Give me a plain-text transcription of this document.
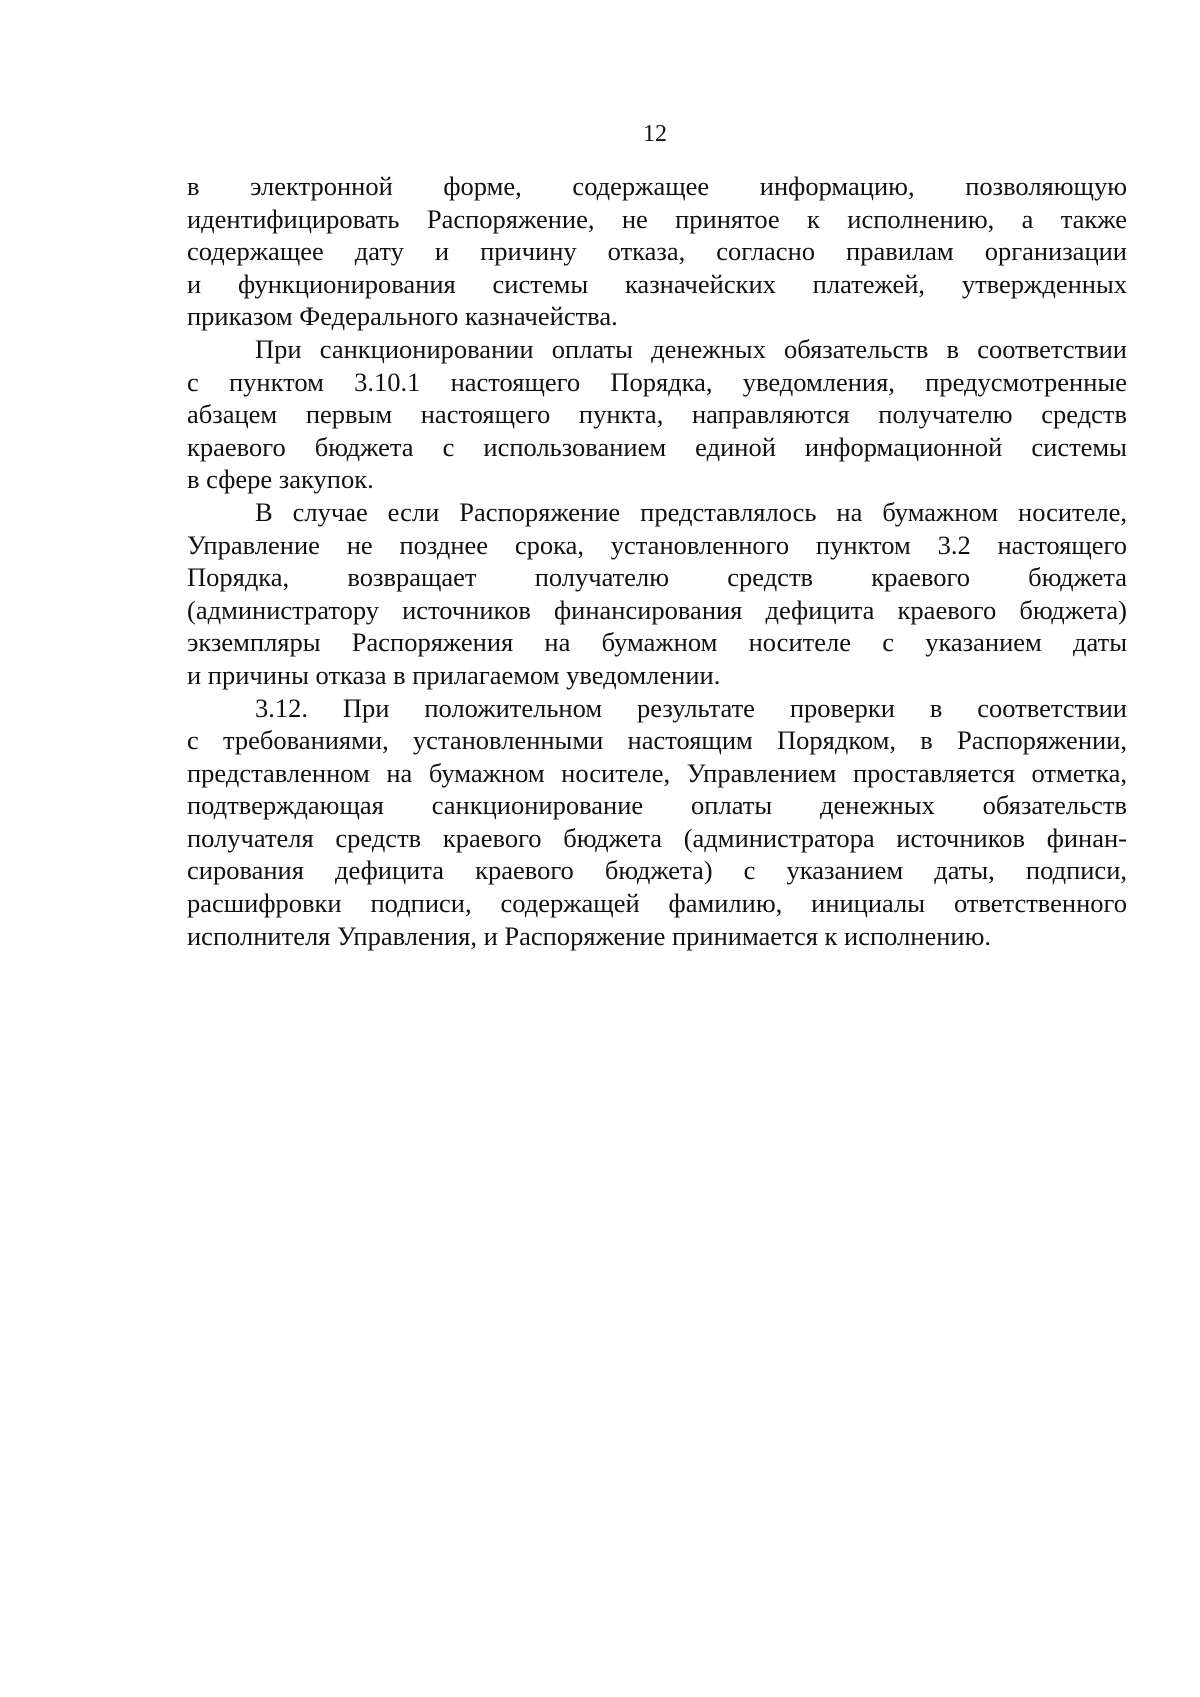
12
в электронной форме, содержащее информацию, позволяющую
идентифицировать Распоряжение, не принятое к исполнению, а также
содержащее дату и причину отказа, согласно правилам организации
и функционирования системы казначейских платежей, утвержденных
приказом Федерального казначейства.
При санкционировании оплаты денежных обязательств в соответствии
с пунктом 3.10.1 настоящего Порядка, уведомления, предусмотренные
абзацем первым настоящего пункта, направляются получателю средств
краевого бюджета с использованием единой информационной системы
в сфере закупок.
В случае если Распоряжение представлялось на бумажном носителе,
Управление не позднее срока, установленного пунктом 3.2 настоящего
Порядка, возвращает получателю средств краевого бюджета
(администратору источников финансирования дефицита краевого бюджета)
экземпляры Распоряжения на бумажном носителе с указанием даты
и причины отказа в прилагаемом уведомлении.
3.12. При положительном результате проверки в соответствии
с требованиями, установленными настоящим Порядком, в Распоряжении,
представленном на бумажном носителе, Управлением проставляется отметка,
подтверждающая санкционирование оплаты денежных обязательств
получателя средств краевого бюджета (администратора источников финан-
сирования дефицита краевого бюджета) с указанием даты, подписи,
расшифровки подписи, содержащей фамилию, инициалы ответственного
исполнителя Управления, и Распоряжение принимается к исполнению.
